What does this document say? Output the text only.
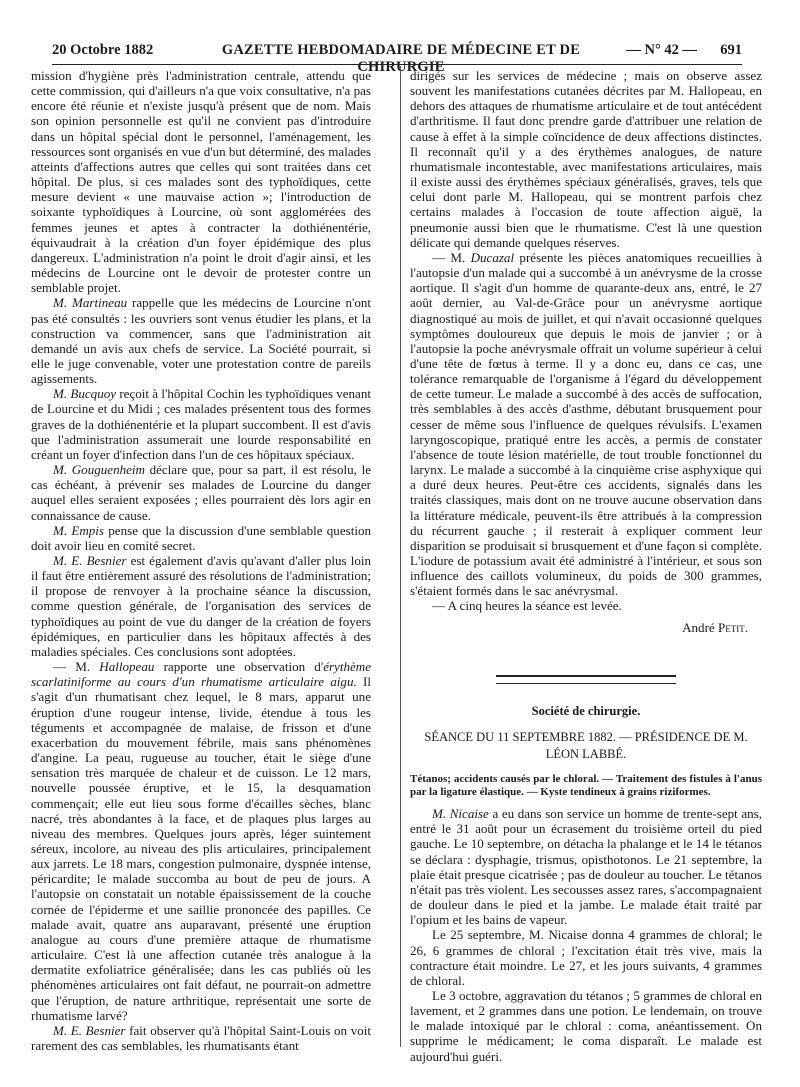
20 Octobre 1882	GAZETTE HEBDOMADAIRE DE MÉDECINE ET DE CHIRURGIE
— N° 42 —	691

mission d'hygiène près l'administration centrale, attendu que cette commission, qui d'ailleurs n'a que voix consultative, n'a pas encore été réunie et n'existe jusqu'à présent que de nom. Mais son opinion personnelle est qu'il ne convient pas d'introduire dans un hôpital spécial dont le personnel, l'aménagement, les ressources sont organisés en vue d'un but déterminé, des malades atteints d'affections autres que celles qui sont traitées dans cet hôpital. De plus, si ces malades sont des typhoïdiques, cette mesure devient « une mauvaise action »; l'introduction de soixante typhoïdiques à Lourcine, où sont agglomérées des femmes jeunes et aptes à contracter la dothiénentérie, équivaudrait à la création d'un foyer épidémique des plus dangereux. L'administration n'a point le droit d'agir ainsi, et les médecins de Lourcine ont le devoir de protester contre un semblable projet.

M. Martineau rappelle que les médecins de Lourcine n'ont pas été consultés : les ouvriers sont venus étudier les plans, et la construction va commencer, sans que l'administration ait demandé un avis aux chefs de service. La Société pourrait, si elle le juge convenable, voter une protestation contre de pareils agissements.

M. Bucquoy reçoit à l'hôpital Cochin les typhoïdiques venant de Lourcine et du Midi ; ces malades présentent tous des formes graves de la dothiénentérie et la plupart succombent. Il est d'avis que l'administration assumerait une lourde responsabilité en créant un foyer d'infection dans l'un de ces hôpitaux spéciaux.

M. Gouguenheim déclare que, pour sa part, il est résolu, le cas échéant, à prévenir ses malades de Lourcine du danger auquel elles seraient exposées ; elles pourraient dès lors agir en connaissance de cause.

M. Empis pense que la discussion d'une semblable question doit avoir lieu en comité secret.

M. E. Besnier est également d'avis qu'avant d'aller plus loin il faut être entièrement assuré des résolutions de l'administration; il propose de renvoyer à la prochaine séance la discussion, comme question générale, de l'organisation des services de typhoïdiques au point de vue du danger de la création de foyers épidémiques, en particulier dans les hôpitaux affectés à des maladies spéciales. Ces conclusions sont adoptées.

— M. Hallopeau rapporte une observation d'érythème scarlatiniforme au cours d'un rhumatisme articulaire aigu. Il s'agit d'un rhumatisant chez lequel, le 8 mars, apparut une éruption d'une rougeur intense, livide, étendue à tous les téguments et accompagnée de malaise, de frisson et d'une exacerbation du mouvement fébrile, mais sans phénomènes d'angine. La peau, rugueuse au toucher, était le siège d'une sensation très marquée de chaleur et de cuisson. Le 12 mars, nouvelle poussée éruptive, et le 15, la desquamation commençait; elle eut lieu sous forme d'écailles sèches, blanc nacré, très abondantes à la face, et de plaques plus larges au niveau des membres. Quelques jours après, léger suintement séreux, incolore, au niveau des plis articulaires, principalement aux jarrets. Le 18 mars, congestion pulmonaire, dyspnée intense, péricardite; le malade succomba au bout de peu de jours. A l'autopsie on constatait un notable épaississement de la couche cornée de l'épiderme et une saillie prononcée des papilles. Ce malade avait, quatre ans auparavant, présenté une éruption analogue au cours d'une première attaque de rhumatisme articulaire. C'est là une affection cutanée très analogue à la dermatite exfoliatrice généralisée; dans les cas publiés où les phénomènes articulaires ont fait défaut, ne pourrait-on admettre que l'éruption, de nature arthritique, représentait une sorte de rhumatisme larvé?

M. E. Besnier fait observer qu'à l'hôpital Saint-Louis on voit rarement des cas semblables, les rhumatisants étant

dirigés sur les services de médecine ; mais on observe assez souvent les manifestations cutanées décrites par M. Hallopeau, en dehors des attaques de rhumatisme articulaire et de tout antécédent d'arthritisme. Il faut donc prendre garde d'attribuer une relation de cause à effet à la simple coïncidence de deux affections distinctes. Il reconnaît qu'il y a des érythèmes analogues, de nature rhumatismale incontestable, avec manifestations articulaires, mais il existe aussi des érythèmes spéciaux généralisés, graves, tels que celui dont parle M. Hallopeau, qui se montrent parfois chez certains malades à l'occasion de toute affection aiguë, la pneumonie aussi bien que le rhumatisme. C'est là une question délicate qui demande quelques réserves.

— M. Ducazal présente les pièces anatomiques recueillies à l'autopsie d'un malade qui a succombé à un anévrysme de la crosse aortique. Il s'agit d'un homme de quarante-deux ans, entré, le 27 août dernier, au Val-de-Grâce pour un anévrysme aortique diagnostiqué au mois de juillet, et qui n'avait occasionné quelques symptômes douloureux que depuis le mois de janvier ; or à l'autopsie la poche anévrysmale offrait un volume supérieur à celui d'une tête de fœtus à terme. Il y a donc eu, dans ce cas, une tolérance remarquable de l'organisme à l'égard du développement de cette tumeur. Le malade a succombé à des accès de suffocation, très semblables à des accès d'asthme, débutant brusquement pour cesser de même sous l'influence de quelques révulsifs. L'examen laryngoscopique, pratiqué entre les accès, a permis de constater l'absence de toute lésion matérielle, de tout trouble fonctionnel du larynx. Le malade a succombé à la cinquième crise asphyxique qui a duré deux heures. Peut-être ces accidents, signalés dans les traités classiques, mais dont on ne trouve aucune observation dans la littérature médicale, peuvent-ils être attribués à la compression du récurrent gauche ; il resterait à expliquer comment leur disparition se produisait si brusquement et d'une façon si complète. L'iodure de potassium avait été administré à l'intérieur, et sous son influence des caillots volumineux, du poids de 300 grammes, s'étaient formés dans le sac anévrysmal.

— A cinq heures la séance est levée.

André Petit.
Société de chirurgie.
SÉANCE DU 11 SEPTEMBRE 1882. — PRÉSIDENCE DE M. LÉON LABBÉ.
Tétanos; accidents causés par le chloral. — Traitement des fistules à l'anus par la ligature élastique. — Kyste tendineux à grains riziformes.

M. Nicaise a eu dans son service un homme de trente-sept ans, entré le 31 août pour un écrasement du troisième orteil du pied gauche. Le 10 septembre, on détacha la phalange et le 14 le tétanos se déclara : dysphagie, trismus, opisthotonos. Le 21 septembre, la plaie était presque cicatrisée ; pas de douleur au toucher. Le tétanos n'était pas très violent. Les secousses assez rares, s'accompagnaient de douleur dans le pied et la jambe. Le malade était traité par l'opium et les bains de vapeur.

Le 25 septembre, M. Nicaise donna 4 grammes de chloral; le 26, 6 grammes de chloral ; l'excitation était très vive, mais la contracture était moindre. Le 27, et les jours suivants, 4 grammes de chloral.

Le 3 octobre, aggravation du tétanos ; 5 grammes de chloral en lavement, et 2 grammes dans une potion. Le lendemain, on trouve le malade intoxiqué par le chloral : coma, anéantissement. On supprime le médicament; le coma disparaît. Le malade est aujourd'hui guéri.
